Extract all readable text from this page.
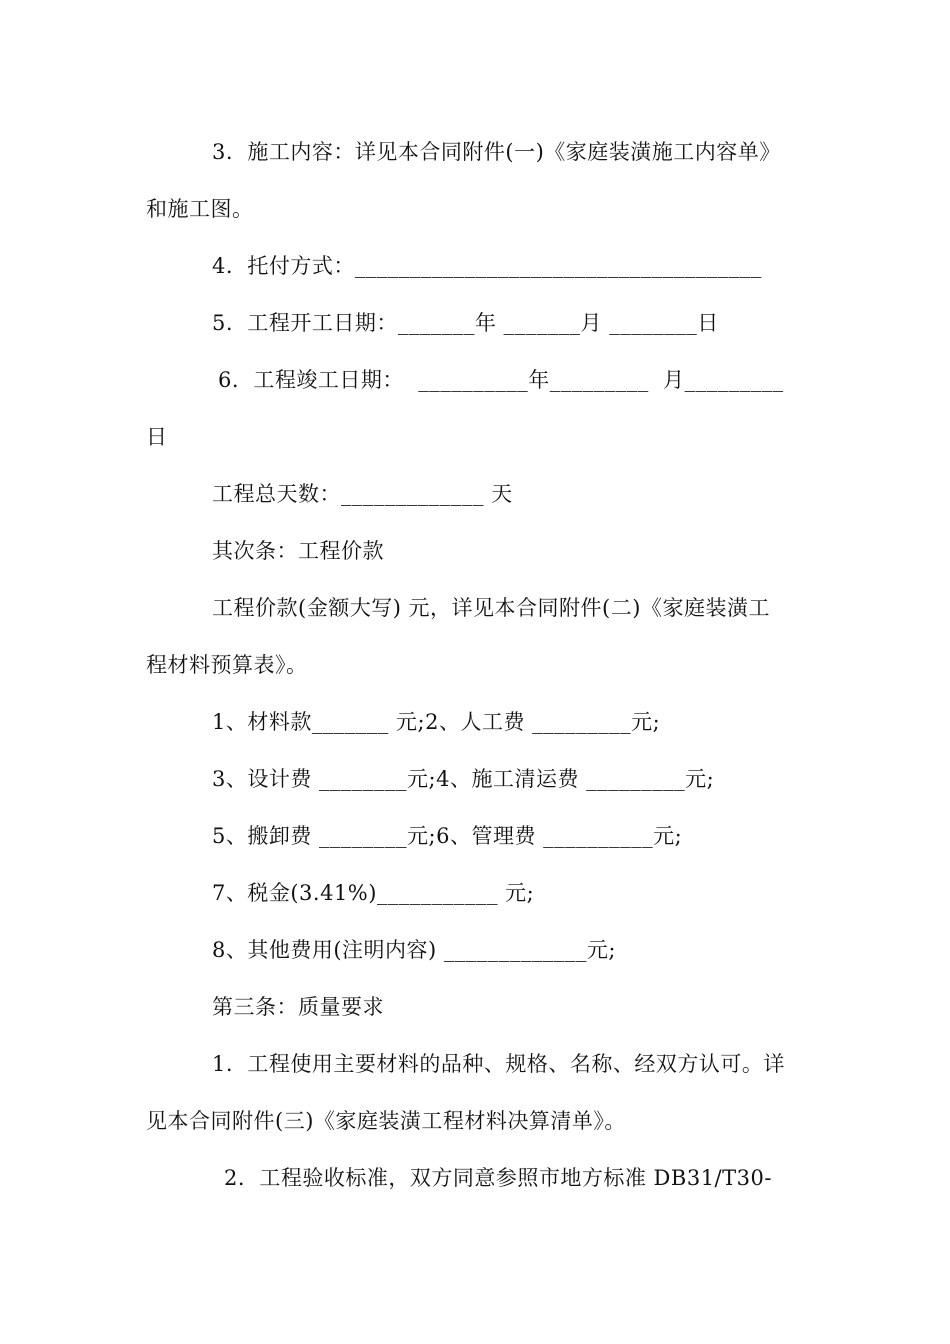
3.  施工内容：详见本合同附件(一)《家庭装潢施工内容单》
和施工图。
4.  托付方式：_____________________________________
5.  工程开工日期：_______年 _______月 ________日
6.  工程竣工日期：  __________年_________  月_________
日
工程总天数：_____________ 天
其次条：工程价款
工程价款(金额大写) 元，详见本合同附件(二)《家庭装潢工
程材料预算表》。
1、材料款_______ 元;2、人工费 _________元;
3、设计费 ________元;4、施工清运费 _________元;
5、搬卸费 ________元;6、管理费 __________元;
7、税金(3.41%)___________ 元;
8、其他费用(注明内容) _____________元;
第三条：质量要求
1.  工程使用主要材料的品种、规格、名称、经双方认可。详
见本合同附件(三)《家庭装潢工程材料决算清单》。
2.  工程验收标准，双方同意参照市地方标准 DB31/T30-
